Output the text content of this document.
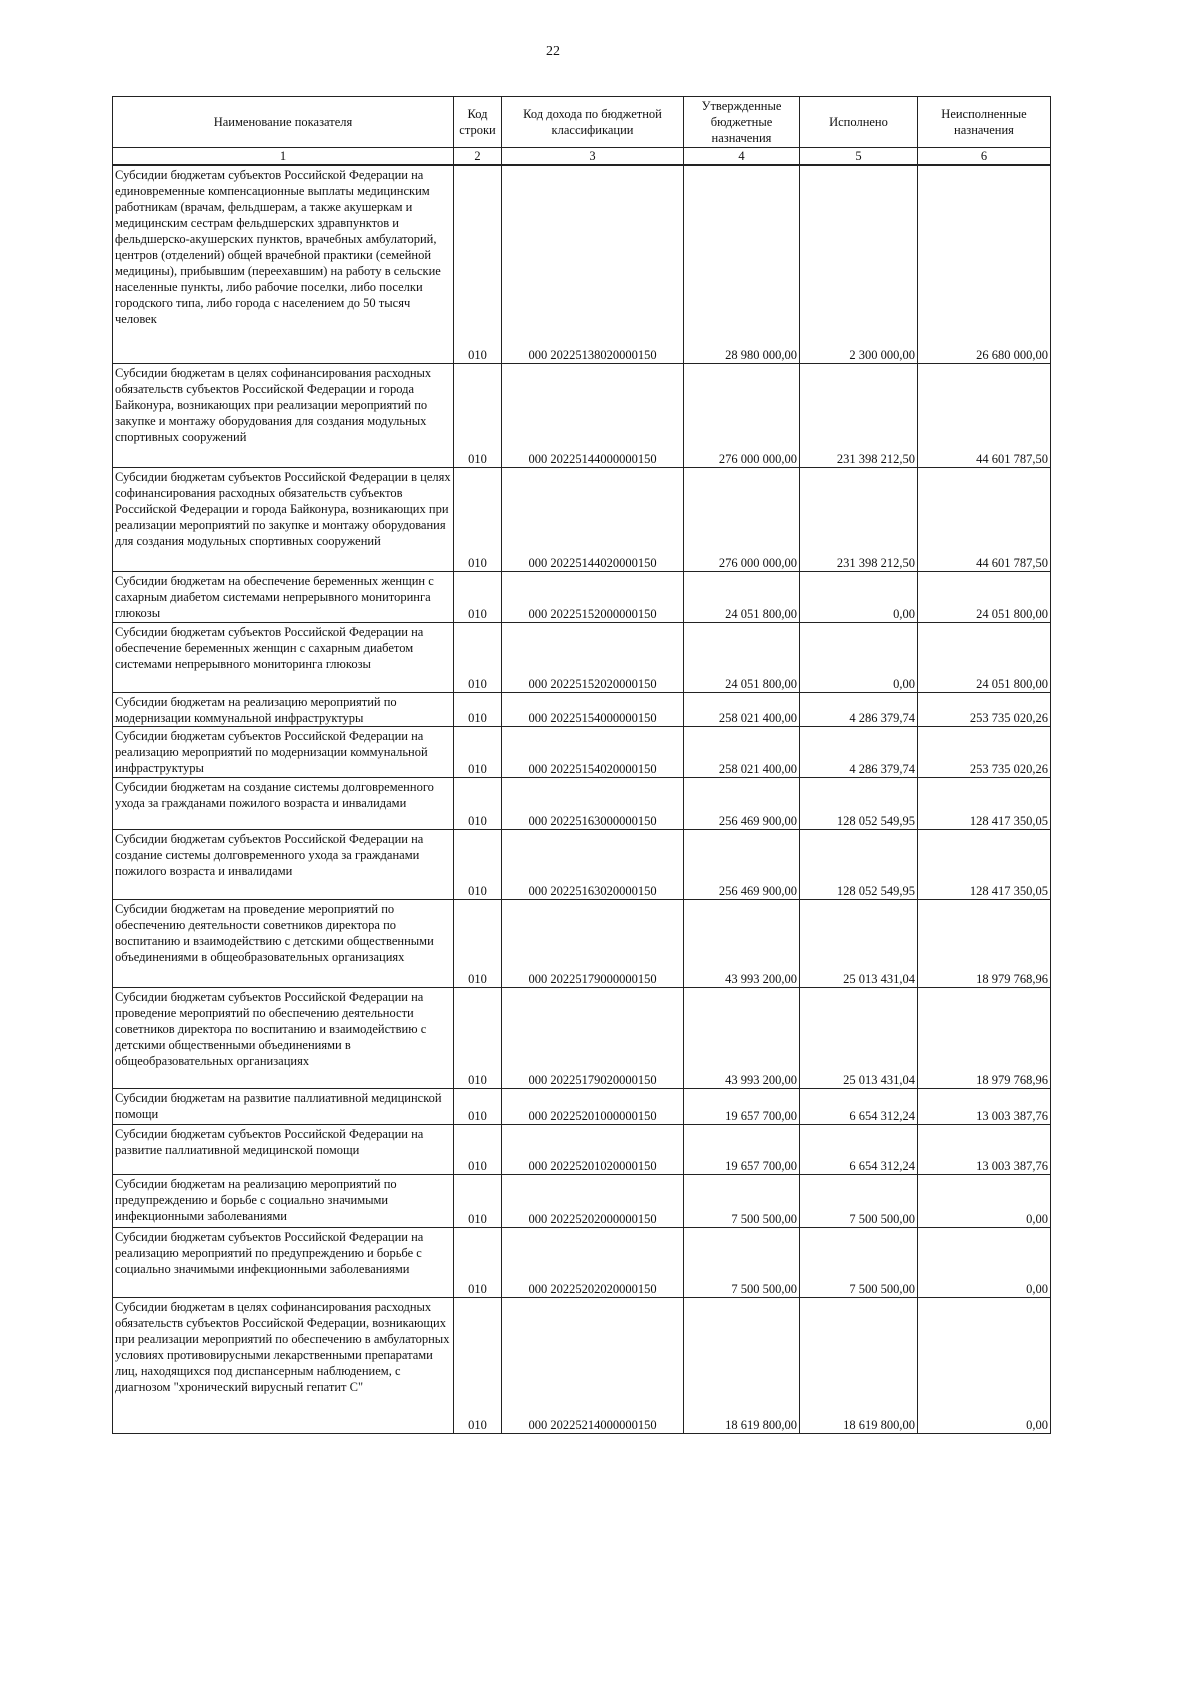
22
Наименование показателя	Код строки	Код дохода по бюджетной классификации	Утвержденные бюджетные назначения	Исполнено	Неисполненные назначения
1	2	3	4	5	6
Субсидии бюджетам субъектов Российской Федерации на единовременные компенсационные выплаты медицинским работникам (врачам, фельдшерам, а также акушеркам и медицинским сестрам фельдшерских здравпунктов и фельдшерско-акушерских пунктов, врачебных амбулаторий, центров (отделений) общей врачебной практики (семейной медицины), прибывшим (переехавшим) на работу в сельские населенные пункты, либо рабочие поселки, либо поселки городского типа, либо города с населением до 50 тысяч человек	010	000 20225138020000150	28 980 000,00	2 300 000,00	26 680 000,00
Субсидии бюджетам в целях софинансирования расходных обязательств субъектов Российской Федерации и города Байконура, возникающих при реализации мероприятий по закупке и монтажу оборудования для создания модульных спортивных сооружений	010	000 20225144000000150	276 000 000,00	231 398 212,50	44 601 787,50
Субсидии бюджетам субъектов Российской Федерации в целях софинансирования расходных обязательств субъектов Российской Федерации и города Байконура, возникающих при реализации мероприятий по закупке и монтажу оборудования для создания модульных спортивных сооружений	010	000 20225144020000150	276 000 000,00	231 398 212,50	44 601 787,50
Субсидии бюджетам на обеспечение беременных женщин с сахарным диабетом системами непрерывного мониторинга глюкозы	010	000 20225152000000150	24 051 800,00	0,00	24 051 800,00
Субсидии бюджетам субъектов Российской Федерации на обеспечение беременных женщин с сахарным диабетом системами непрерывного мониторинга глюкозы	010	000 20225152020000150	24 051 800,00	0,00	24 051 800,00
Субсидии бюджетам на реализацию мероприятий по модернизации коммунальной инфраструктуры	010	000 20225154000000150	258 021 400,00	4 286 379,74	253 735 020,26
Субсидии бюджетам субъектов Российской Федерации на реализацию мероприятий по модернизации коммунальной инфраструктуры	010	000 20225154020000150	258 021 400,00	4 286 379,74	253 735 020,26
Субсидии бюджетам на создание системы долговременного ухода за гражданами пожилого возраста и инвалидами	010	000 20225163000000150	256 469 900,00	128 052 549,95	128 417 350,05
Субсидии бюджетам субъектов Российской Федерации на создание системы долговременного ухода за гражданами пожилого возраста и инвалидами	010	000 20225163020000150	256 469 900,00	128 052 549,95	128 417 350,05
Субсидии бюджетам на проведение мероприятий по обеспечению деятельности советников директора по воспитанию и взаимодействию с детскими общественными объединениями в общеобразовательных организациях	010	000 20225179000000150	43 993 200,00	25 013 431,04	18 979 768,96
Субсидии бюджетам субъектов Российской Федерации на проведение мероприятий по обеспечению деятельности советников директора по воспитанию и взаимодействию с детскими общественными объединениями в общеобразовательных организациях	010	000 20225179020000150	43 993 200,00	25 013 431,04	18 979 768,96
Субсидии бюджетам на развитие паллиативной медицинской помощи	010	000 20225201000000150	19 657 700,00	6 654 312,24	13 003 387,76
Субсидии бюджетам субъектов Российской Федерации на развитие паллиативной медицинской помощи	010	000 20225201020000150	19 657 700,00	6 654 312,24	13 003 387,76
Субсидии бюджетам на реализацию мероприятий по предупреждению и борьбе с социально значимыми инфекционными заболеваниями	010	000 20225202000000150	7 500 500,00	7 500 500,00	0,00
Субсидии бюджетам субъектов Российской Федерации на реализацию мероприятий по предупреждению и борьбе с социально значимыми инфекционными заболеваниями	010	000 20225202020000150	7 500 500,00	7 500 500,00	0,00
Субсидии бюджетам в целях софинансирования расходных обязательств субъектов Российской Федерации, возникающих при реализации мероприятий по обеспечению в амбулаторных условиях противовирусными лекарственными препаратами лиц, находящихся под диспансерным наблюдением, с диагнозом "хронический вирусный гепатит С"	010	000 20225214000000150	18 619 800,00	18 619 800,00	0,00
